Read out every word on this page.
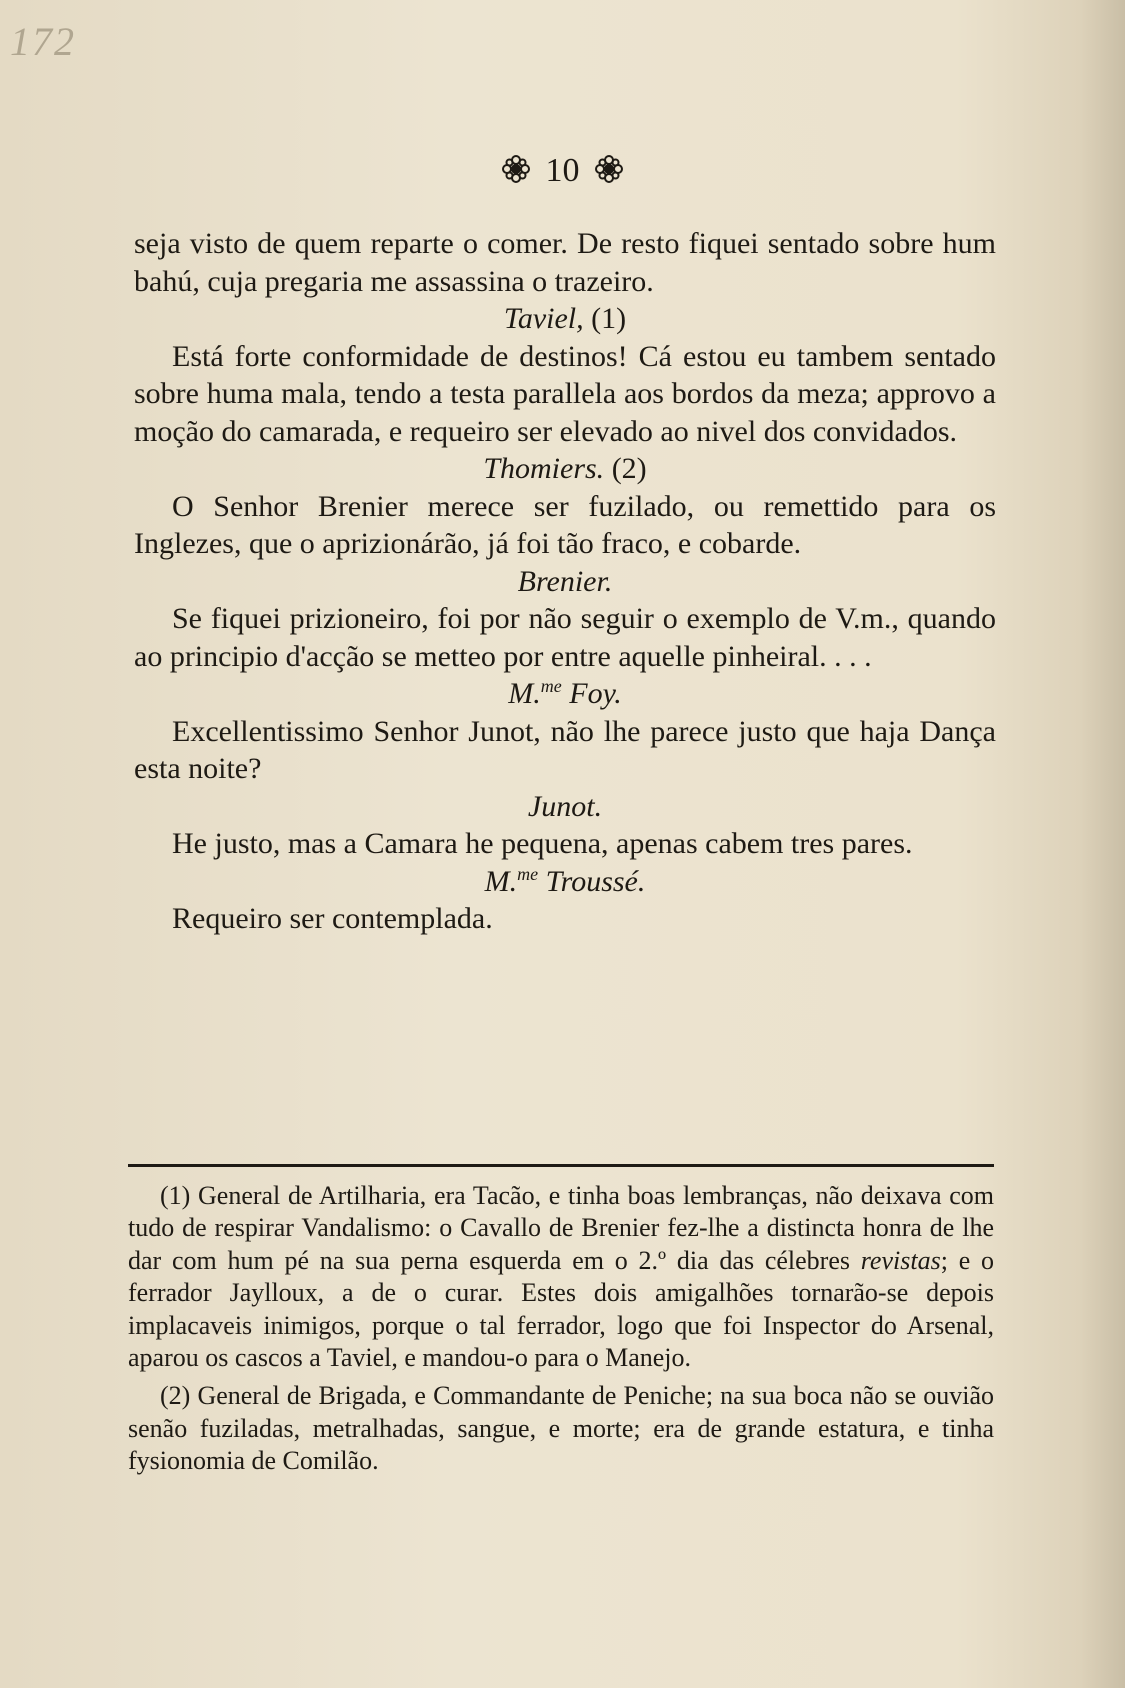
172
10

seja visto de quem reparte o comer. De resto fiquei sentado sobre hum bahú, cuja pregaria me assassina o trazeiro.

Taviel, (1)

Está forte conformidade de destinos! Cá estou eu tambem sentado sobre huma mala, tendo a testa parallela aos bordos da meza; approvo a moção do camarada, e requeiro ser elevado ao nivel dos convidados.

Thomiers. (2)

O Senhor Brenier merece ser fuzilado, ou remettido para os Inglezes, que o aprizionárão, já foi tão fraco, e cobarde.

Brenier.

Se fiquei prizioneiro, foi por não seguir o exemplo de V.m., quando ao principio d'acção se metteo por entre aquelle pinheiral. . . .

M.$^{me}$ Foy.

Excellentissimo Senhor Junot, não lhe parece justo que haja Dança esta noite?

Junot.

He justo, mas a Camara he pequena, apenas cabem tres pares.

M.$^{me}$ Troussé.

Requeiro ser contemplada.

(1) General de Artilharia, era Tacão, e tinha boas lembranças, não deixava com tudo de respirar Vandalismo: o Cavallo de Brenier fez-lhe a distincta honra de lhe dar com hum pé na sua perna esquerda em o 2.º dia das célebres revistas; e o ferrador Jaylloux, a de o curar. Estes dois amigalhões tornarão-se depois implacaveis inimigos, porque o tal ferrador, logo que foi Inspector do Arsenal, aparou os cascos a Taviel, e mandou-o para o Manejo.

(2) General de Brigada, e Commandante de Peniche; na sua boca não se ouvião senão fuziladas, metralhadas, sangue, e morte; era de grande estatura, e tinha fysionomia de Comilão.
